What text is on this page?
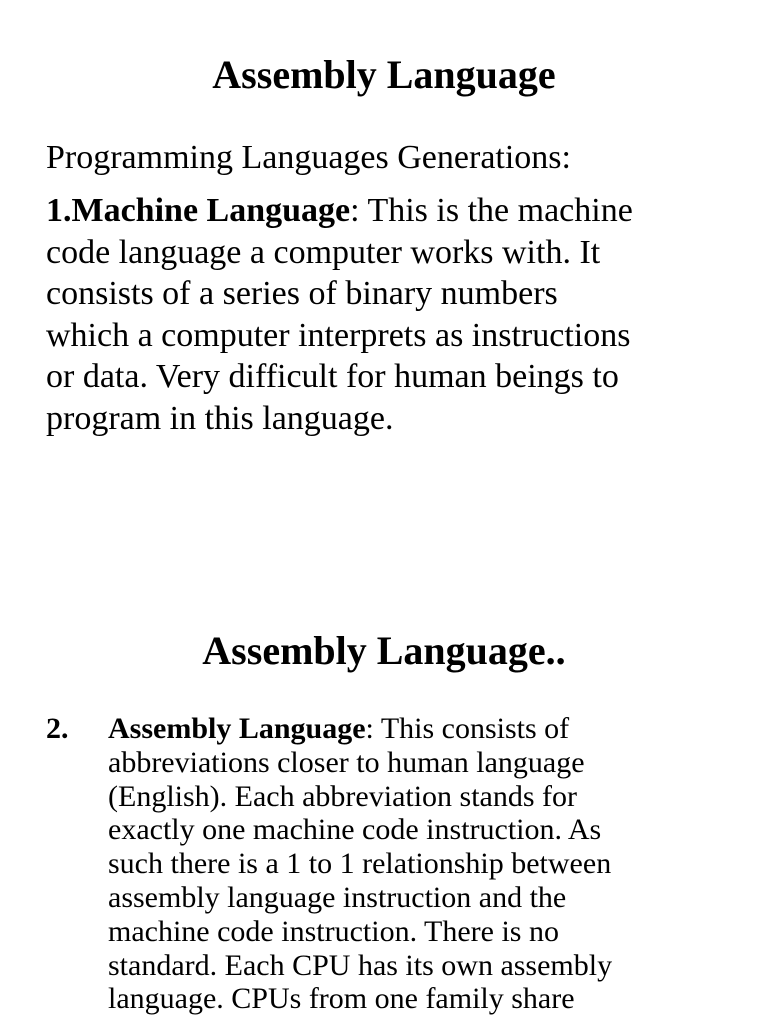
Assembly Language

Programming Languages Generations:

1.Machine Language: This is the machine
code language a computer works with. It
consists of a series of binary numbers
which a computer interprets as instructions
or data. Very difficult for human beings to
program in this language.

Assembly Language..
2. Assembly Language: This consists of
abbreviations closer to human language
(English). Each abbreviation stands for
exactly one machine code instruction. As
such there is a 1 to 1 relationship between
assembly language instruction and the
machine code instruction. There is no
standard. Each CPU has its own assembly
language. CPUs from one family share
